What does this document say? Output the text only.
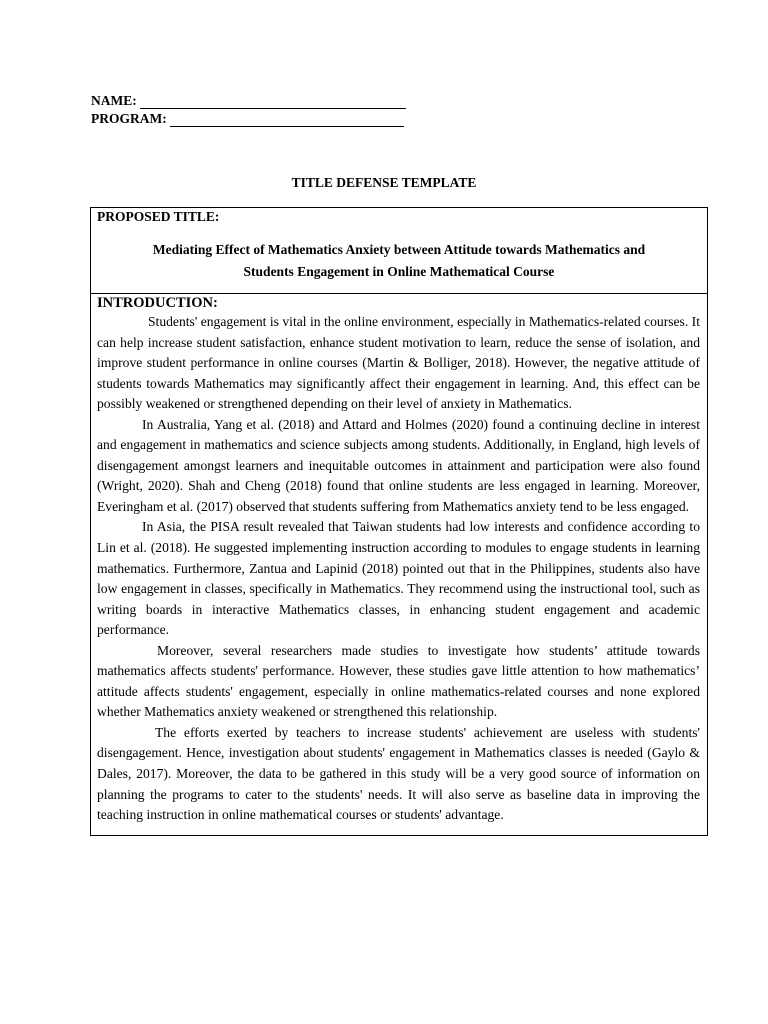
NAME:
PROGRAM:
TITLE DEFENSE TEMPLATE
PROPOSED TITLE:
Mediating Effect of Mathematics Anxiety between Attitude towards Mathematics and
Students Engagement in Online Mathematical Course
INTRODUCTION:

Students' engagement is vital in the online environment, especially in Mathematics-related courses. It can help increase student satisfaction, enhance student motivation to learn, reduce the sense of isolation, and improve student performance in online courses (Martin & Bolliger, 2018). However, the negative attitude of students towards Mathematics may significantly affect their engagement in learning. And, this effect can be possibly weakened or strengthened depending on their level of anxiety in Mathematics.

In Australia, Yang et al. (2018) and Attard and Holmes (2020) found a continuing decline in interest and engagement in mathematics and science subjects among students. Additionally, in England, high levels of disengagement amongst learners and inequitable outcomes in attainment and participation were also found (Wright, 2020). Shah and Cheng (2018) found that online students are less engaged in learning. Moreover, Everingham et al. (2017) observed that students suffering from Mathematics anxiety tend to be less engaged.

In Asia, the PISA result revealed that Taiwan students had low interests and confidence according to Lin et al. (2018). He suggested implementing instruction according to modules to engage students in learning mathematics. Furthermore, Zantua and Lapinid (2018) pointed out that in the Philippines, students also have low engagement in classes, specifically in Mathematics. They recommend using the instructional tool, such as writing boards in interactive Mathematics classes, in enhancing student engagement and academic performance.

Moreover, several researchers made studies to investigate how students’ attitude towards mathematics affects students' performance. However, these studies gave little attention to how mathematics’ attitude affects students' engagement, especially in online mathematics-related courses and none explored whether Mathematics anxiety weakened or strengthened this relationship.

The efforts exerted by teachers to increase students' achievement are useless with students' disengagement. Hence, investigation about students' engagement in Mathematics classes is needed (Gaylo & Dales, 2017). Moreover, the data to be gathered in this study will be a very good source of information on planning the programs to cater to the students' needs. It will also serve as baseline data in improving the teaching instruction in online mathematical courses or students' advantage.
